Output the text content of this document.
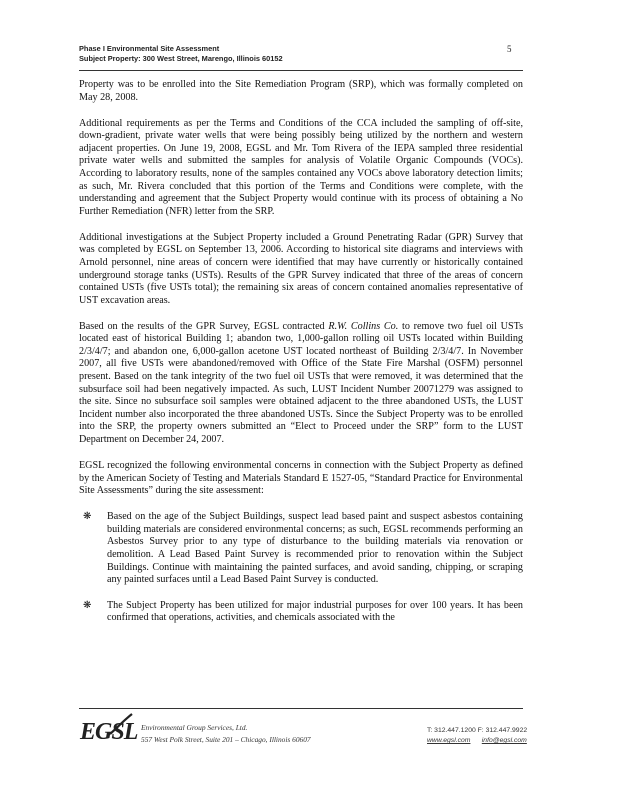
Phase I Environmental Site Assessment
Subject Property: 300 West Street, Marengo, Illinois 60152
5

Property was to be enrolled into the Site Remediation Program (SRP), which was formally completed on May 28, 2008.

Additional requirements as per the Terms and Conditions of the CCA included the sampling of off-site, down-gradient, private water wells that were being possibly being utilized by the northern and western adjacent properties. On June 19, 2008, EGSL and Mr. Tom Rivera of the IEPA sampled three residential private water wells and submitted the samples for analysis of Volatile Organic Compounds (VOCs). According to laboratory results, none of the samples contained any VOCs above laboratory detection limits; as such, Mr. Rivera concluded that this portion of the Terms and Conditions were complete, with the understanding and agreement that the Subject Property would continue with its process of obtaining a No Further Remediation (NFR) letter from the SRP.

Additional investigations at the Subject Property included a Ground Penetrating Radar (GPR) Survey that was completed by EGSL on September 13, 2006. According to historical site diagrams and interviews with Arnold personnel, nine areas of concern were identified that may have currently or historically contained underground storage tanks (USTs). Results of the GPR Survey indicated that three of the areas of concern contained USTs (five USTs total); the remaining six areas of concern contained anomalies representative of UST excavation areas.

Based on the results of the GPR Survey, EGSL contracted R.W. Collins Co. to remove two fuel oil USTs located east of historical Building 1; abandon two, 1,000-gallon rolling oil USTs located within Building 2/3/4/7; and abandon one, 6,000-gallon acetone UST located northeast of Building 2/3/4/7. In November 2007, all five USTs were abandoned/removed with Office of the State Fire Marshal (OSFM) personnel present. Based on the tank integrity of the two fuel oil USTs that were removed, it was determined that the subsurface soil had been negatively impacted. As such, LUST Incident Number 20071279 was assigned to the site. Since no subsurface soil samples were obtained adjacent to the three abandoned USTs, the LUST Incident number also incorporated the three abandoned USTs. Since the Subject Property was to be enrolled into the SRP, the property owners submitted an “Elect to Proceed under the SRP” form to the LUST Department on December 24, 2007.

EGSL recognized the following environmental concerns in connection with the Subject Property as defined by the American Society of Testing and Materials Standard E 1527-05, “Standard Practice for Environmental Site Assessments” during the site assessment:

❋ Based on the age of the Subject Buildings, suspect lead based paint and suspect asbestos containing building materials are considered environmental concerns; as such, EGSL recommends performing an Asbestos Survey prior to any type of disturbance to the building materials via renovation or demolition. A Lead Based Paint Survey is recommended prior to renovation within the Subject Buildings. Continue with maintaining the painted surfaces, and avoid sanding, chipping, or scraping any painted surfaces until a Lead Based Paint Survey is conducted.
❋ The Subject Property has been utilized for major industrial purposes for over 100 years. It has been confirmed that operations, activities, and chemicals associated with the
EGSL Environmental Group Services, Ltd.
557 West Polk Street, Suite 201 – Chicago, Illinois 60607
T: 312.447.1200 F: 312.447.9922
www.egsl.com info@egsl.com
